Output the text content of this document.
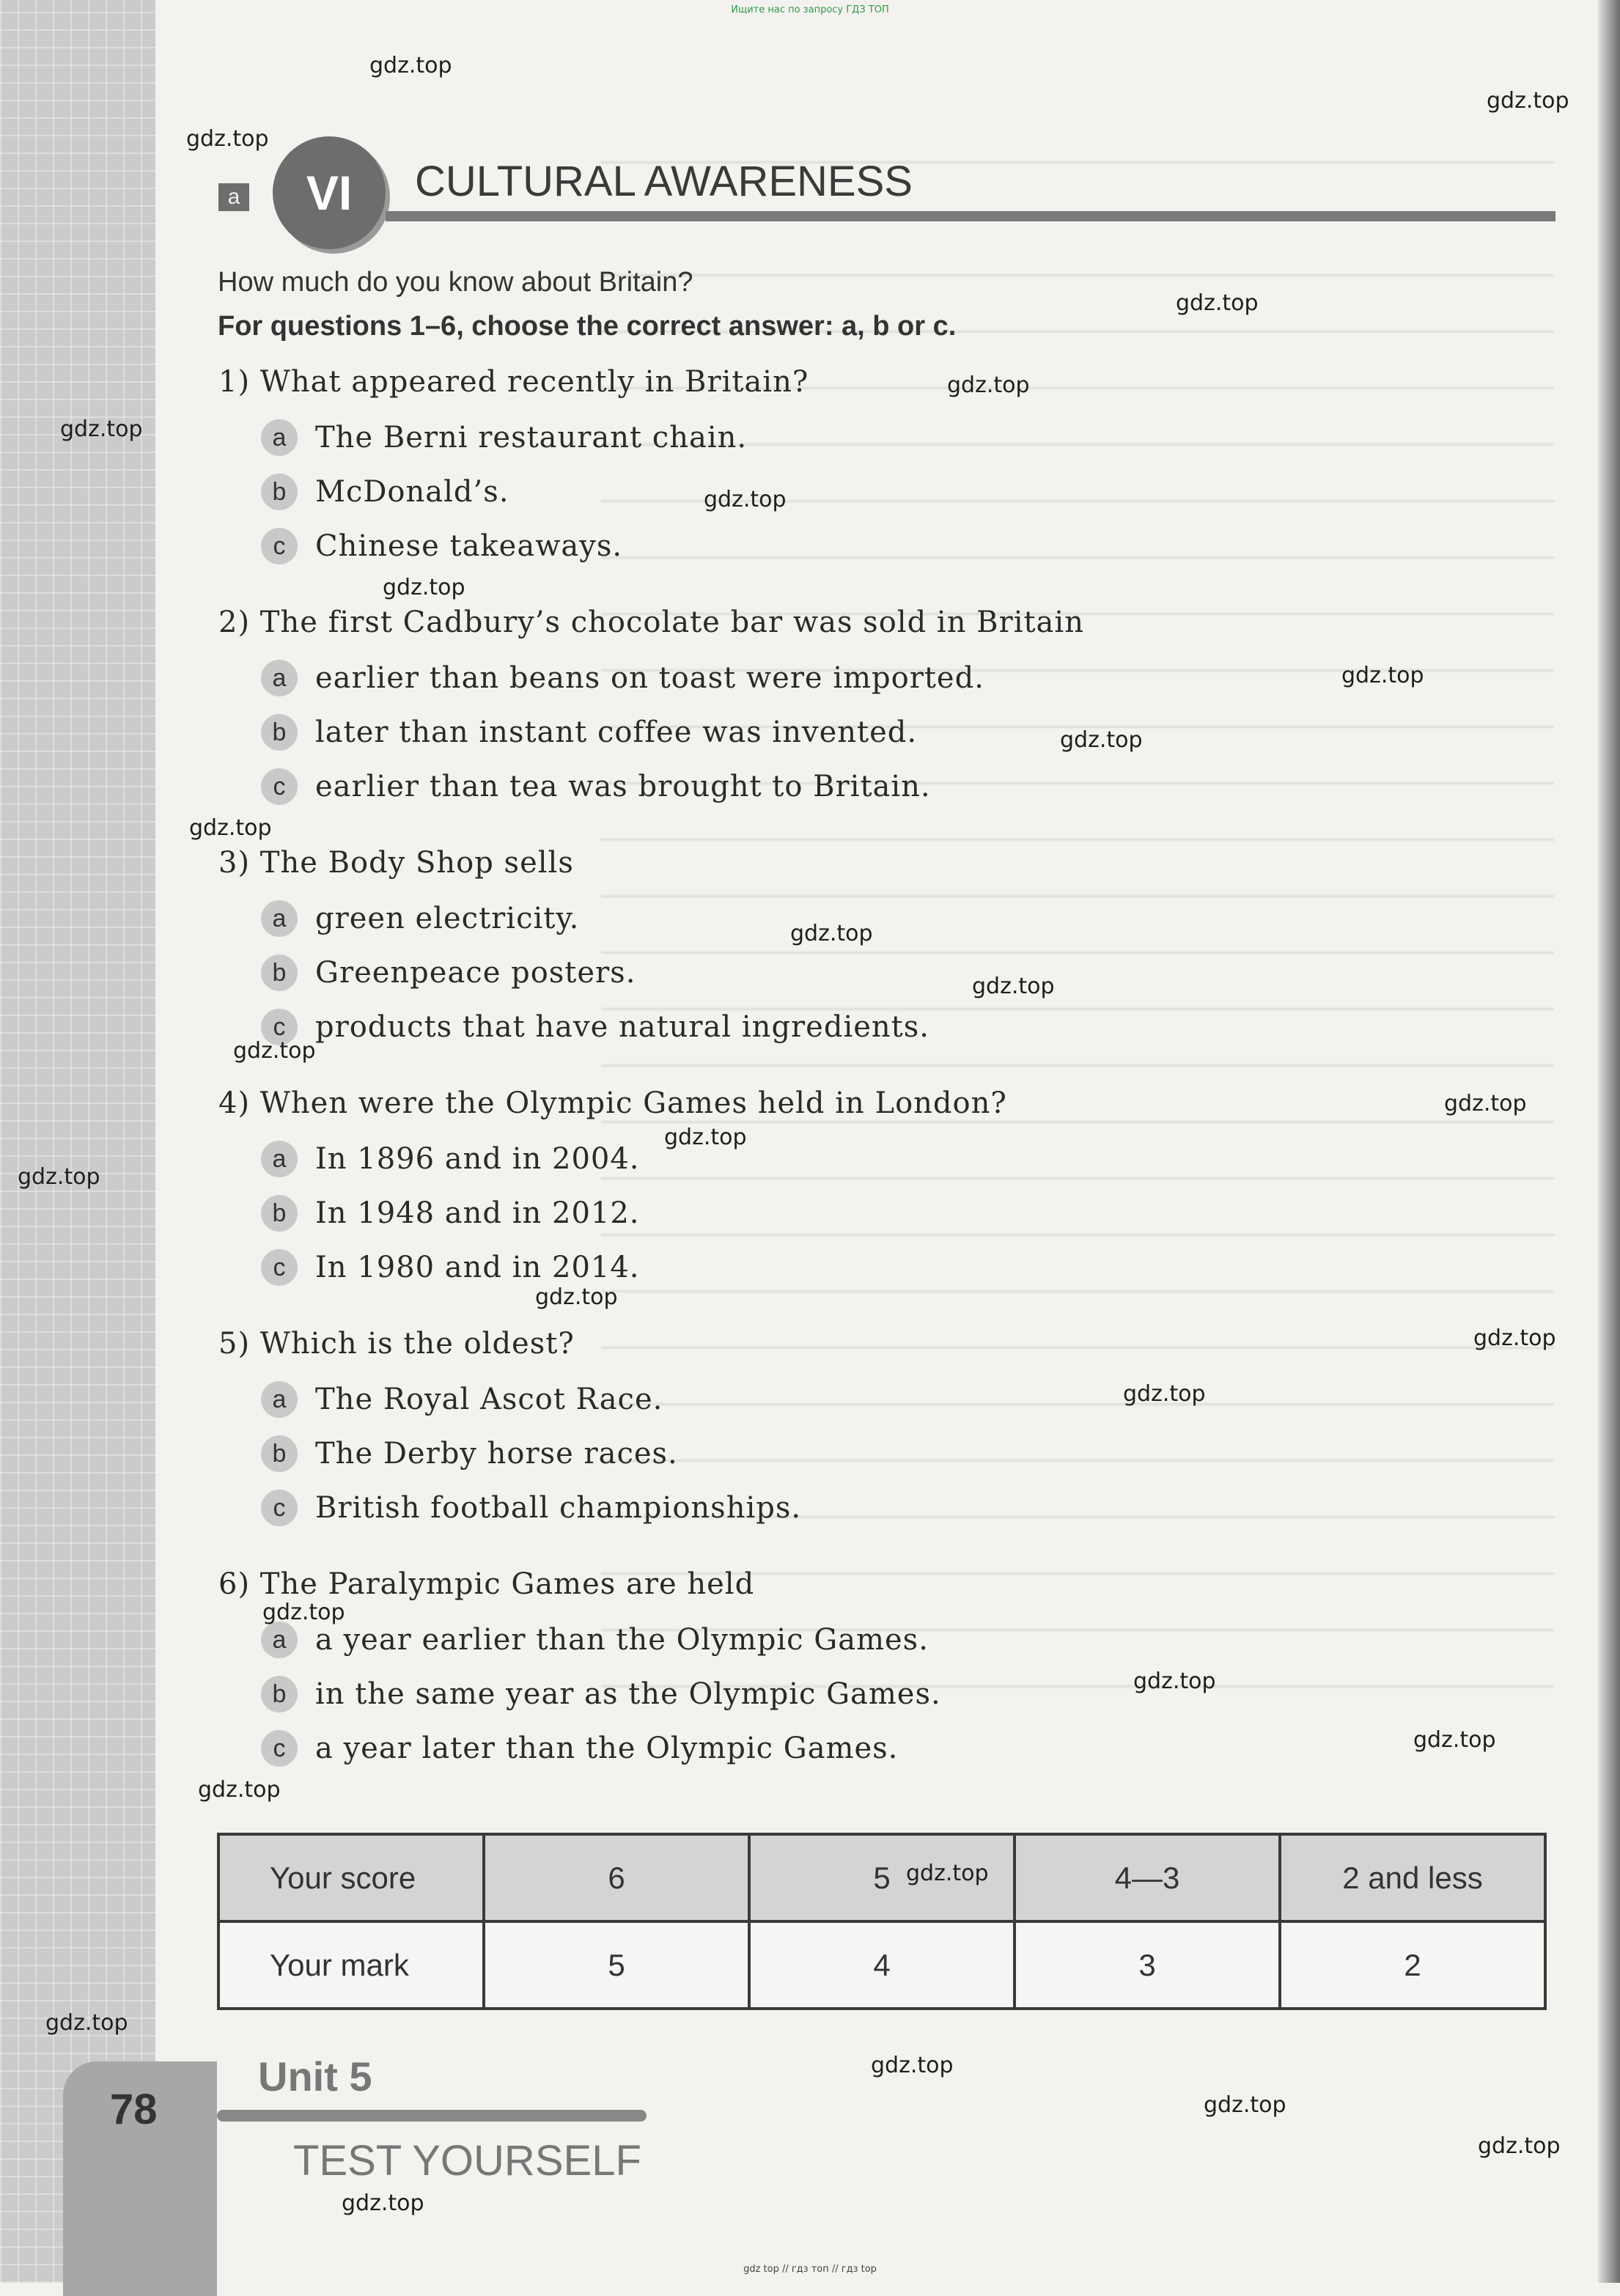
Ищите нас по запросу ГДЗ ТОП
a	VI	CULTURAL AWARENESS
How much do you know about Britain?
For questions 1–6, choose the correct answer: a, b or c.
1) What appeared recently in Britain?
a The Berni restaurant chain.
b McDonald’s.
c	Chinese takeaways.
2) The first Cadbury’s chocolate bar was sold in Britain
a earlier than beans on toast were imported.
b later than instant coffee was invented.
c	earlier than tea was brought to Britain.
3) The Body Shop sells
a green electricity.
b Greenpeace posters.
c	products that have natural ingredients.
4) When were the Olympic Games held in London?
a In 1896 and in 2004.
b In 1948 and in 2012.
c	In 1980 and in 2014.
5) Which is the oldest?
a The Royal Ascot Race.
b The Derby horse races.
c	British football championships.
6) The Paralympic Games are held
a a year earlier than the Olympic Games.
b in the same year as the Olympic Games.
c	a year later than the Olympic Games.
Your score	6	5	4—3	2 and less
Your mark	5	4	3	2
78
Unit 5
TEST YOURSELF
gdz top // гдз топ // гдз top
gdz.top
gdz.top
gdz.top
gdz.top
gdz.top
gdz.top
gdz.top
gdz.top
gdz.top
gdz.top
gdz.top
gdz.top
gdz.top
gdz.top
gdz.top
gdz.top
gdz.top
gdz.top
gdz.top
gdz.top
gdz.top
gdz.top
gdz.top
gdz.top
gdz.top
gdz.top
gdz.top
gdz.top
gdz.top
gdz.top
